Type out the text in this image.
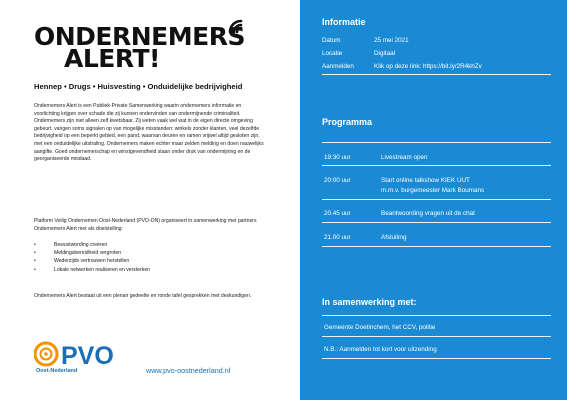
ONDERNEMERS
ALERT!
Hennep • Drugs • Huisvesting • Onduidelijke bedrijvigheid

Ondernemers Alert is een Publiek-Private Samenwerking waarin ondernemers informatie en voorlichting krijgen over schade die zij kunnen ondervinden van ondermijnende criminaliteit. Ondernemers zijn niet alleen zelf kwetsbaar. Zij weten vaak wel wat in de eigen directe omgeving gebeurt, vangen soms signalen op van mogelijke misstanden: winkels zonder klanten, veel dezelfde bedrijvigheid op een beperkt gebied, een pand, waarvan deuren en ramen vrijwel altijd gesloten zijn, met een onduidelijke uitstraling. Ondernemers maken echter maar zelden melding en doen nauwelijks aangifte. Goed ondernemerschap en winstgevendheid staan onder druk van ondermijning en de georganiseerde misdaad.

Platform Veilig Ondernemen Oost-Nederland (PVO-ON) organiseert in samenwerking met partners Ondernemers Alert met als doelstelling:

• Bewustwording creëren
• Meldingsbereidheid vergroten
• Wederzijds vertrouwen herstellen
• Lokale netwerken realiseren en versterken

Ondernemers Alert bestaat uit een plenair gedeelte en ronde tafel gesprekken met deskundigen.

PVO
Oost-Nederland	www.pvo-oostnederland.nl
Informatie
Datum	25 mei 2021
Locatie	Digitaal
Aanmelden	Klik op deze link: https://bit.ly/2R4khZv
Programma
19:30 uur	Livestream open
20:00 uur	Start online talkshow KIEK UUT
m.m.v. burgemeester Mark Boumans
20.45 uur	Beantwoording vragen uit de chat
21.00 uur	Afsluiting
In samenwerking met:
Gemeente Doetinchem, het CCV, politie
N.B.: Aanmelden tot kort voor uitzending
